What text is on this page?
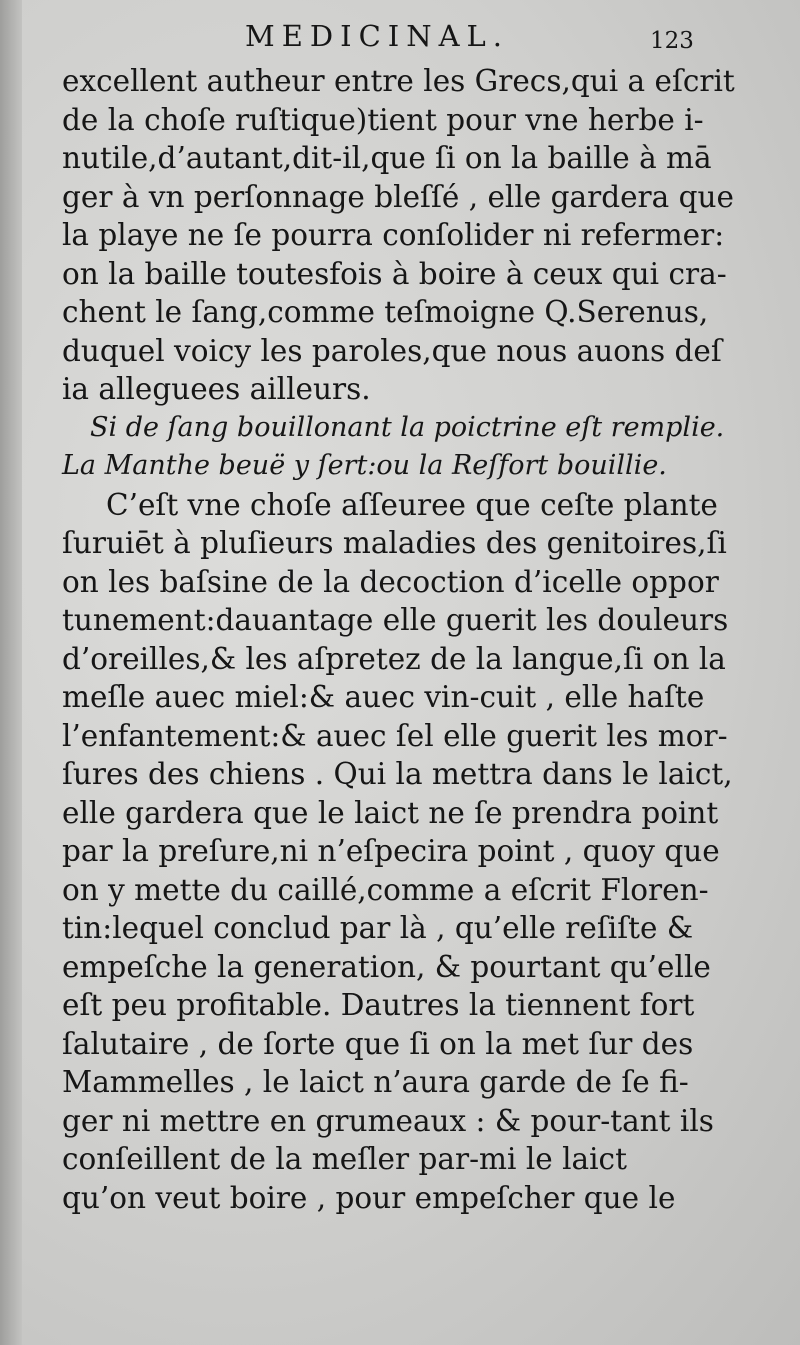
MEDICINAL.	123
excellent autheur entre les Grecs,qui a eſcrit
de la choſe ruſtique)tient pour vne herbe i-
nutile,d’autant,dit-il,que ſi on la baille à mā
ger à vn perſonnage bleſſé , elle gardera que
la playe ne ſe pourra conſolider ni refermer:
on la baille toutesfois à boire à ceux qui cra-
chent le ſang,comme teſmoigne Q.Serenus,
duquel voicy les paroles,que nous auons deſ
ia alleguees ailleurs.
Si de ſang bouillonant la poictrine eſt remplie.
La Manthe beuë y ſert:ou la Reſfort bouillie.
C’eſt vne choſe aſſeuree que ceſte plante
ſuruiēt à pluſieurs maladies des genitoires,ſi
on les baſsine de la decoction d’icelle oppor
tunement:dauantage elle guerit les douleurs
d’oreilles,& les aſpretez de la langue,ſi on la
meſle auec miel:& auec vin-cuit , elle haſte
l’enfantement:& auec ſel elle guerit les mor-
ſures des chiens . Qui la mettra dans le laict,
elle gardera que le laict ne ſe prendra point
par la preſure,ni n’eſpecira point , quoy que
on y mette du caillé,comme a eſcrit Floren-
tin:lequel conclud par là , qu’elle reſiſte &
empeſche la generation, & pourtant qu’elle
eſt peu profitable. Dautres la tiennent fort
ſalutaire , de ſorte que ſi on la met ſur des
Mammelles , le laict n’aura garde de ſe fi-
ger ni mettre en grumeaux : & pour-tant ils
conſeillent de la meſler par-mi le laict
qu’on veut boire , pour empeſcher que le
